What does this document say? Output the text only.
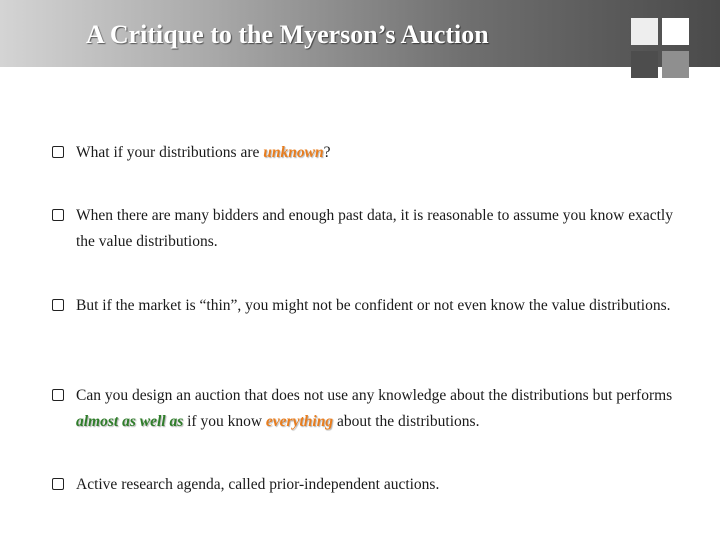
A Critique to the Myerson’s Auction
What if your distributions are unknown?
When there are many bidders and enough past data, it is reasonable to assume you know exactly the value distributions.
But if the market is “thin”, you might not be confident or not even know the value distributions.
Can you design an auction that does not use any knowledge about the distributions but performs almost as well as if you know everything about the distributions.
Active research agenda, called prior-independent auctions.
